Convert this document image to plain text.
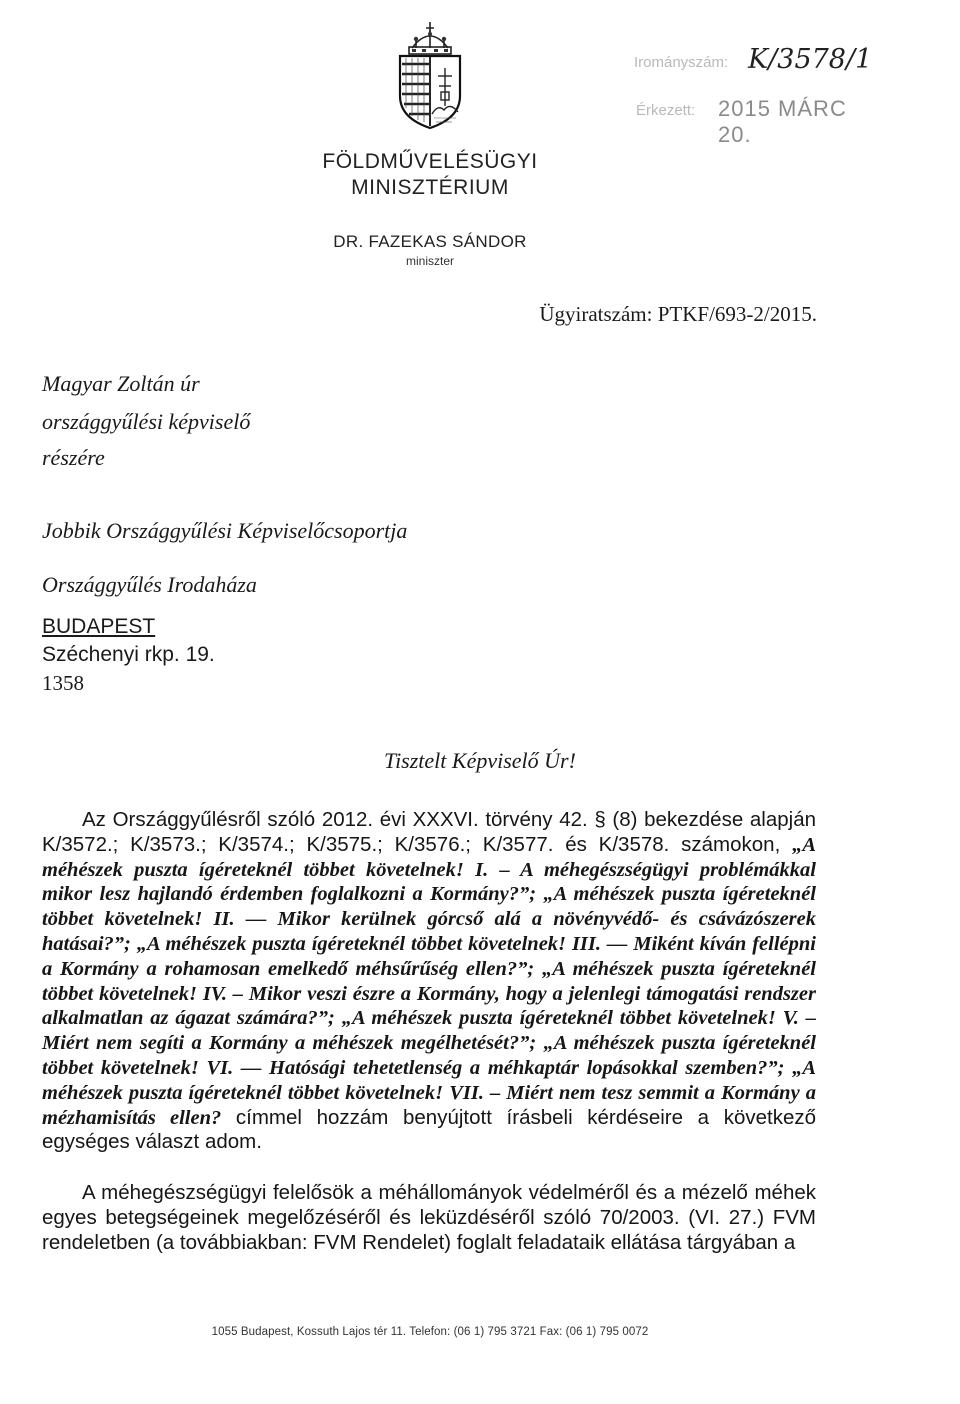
Irományszám: K/3578/1
Érkezett: 2015 MÁRC 20.
FÖLDMŰVELÉSÜGYI
MINISZTÉRIUM
DR. FAZEKAS SÁNDOR
miniszter
Ügyiratszám: PTKF/693-2/2015.
Magyar Zoltán úr
országgyűlési képviselő
részére
Jobbik Országgyűlési Képviselőcsoportja
Országgyűlés Irodaháza
BUDAPEST
Széchenyi rkp. 19.
1358
Tisztelt Képviselő Úr!

Az Országgyűlésről szóló 2012. évi XXXVI. törvény 42. § (8) bekezdése alapján K/3572.; K/3573.; K/3574.; K/3575.; K/3576.; K/3577. és K/3578. számokon, „A méhészek puszta ígéreteknél többet követelnek! I. – A méhegészségügyi problémákkal mikor lesz hajlandó érdemben foglalkozni a Kormány?”; „A méhészek puszta ígéreteknél többet követelnek! II. — Mikor kerülnek górcső alá a növényvédő- és csávázószerek hatásai?”; „A méhészek puszta ígéreteknél többet követelnek! III. — Miként kíván fellépni a Kormány a rohamosan emelkedő méhsűrűség ellen?”; „A méhészek puszta ígéreteknél többet követelnek! IV. – Mikor veszi észre a Kormány, hogy a jelenlegi támogatási rendszer alkalmatlan az ágazat számára?”; „A méhészek puszta ígéreteknél többet követelnek! V. – Miért nem segíti a Kormány a méhészek megélhetését?”; „A méhészek puszta ígéreteknél többet követelnek! VI. — Hatósági tehetetlenség a méhkaptár lopásokkal szemben?”; „A méhészek puszta ígéreteknél többet követelnek! VII. – Miért nem tesz semmit a Kormány a mézhamisítás ellen? címmel hozzám benyújtott írásbeli kérdéseire a következő egységes választ adom.

A méhegészségügyi felelősök a méhállományok védelméről és a mézelő méhek egyes betegségeinek megelőzéséről és leküzdéséről szóló 70/2003. (VI. 27.) FVM rendeletben (a továbbiakban: FVM Rendelet) foglalt feladataik ellátása tárgyában a

1055 Budapest, Kossuth Lajos tér 11. Telefon: (06 1) 795 3721 Fax: (06 1) 795 0072
